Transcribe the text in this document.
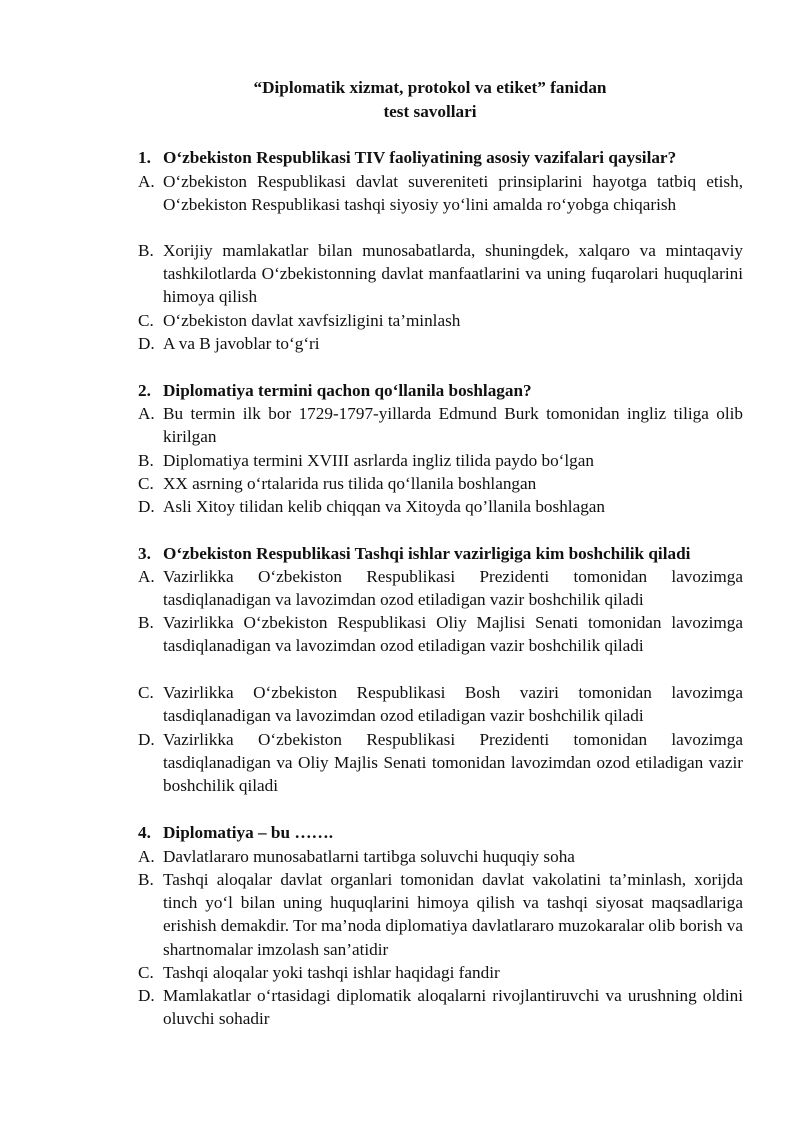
“Diplomatik xizmat, protokol va etiket” fanidan
test savollari
1. O‘zbekiston Respublikasi TIV faoliyatining asosiy vazifalari qaysilar?
A. O‘zbekiston Respublikasi davlat suvereniteti prinsiplarini hayotga tatbiq etish, O‘zbekiston Respublikasi tashqi siyosiy yo‘lini amalda ro‘yobga chiqarish
B. Xorijiy mamlakatlar bilan munosabatlarda, shuningdek, xalqaro va mintaqaviy tashkilotlarda O‘zbekistonning davlat manfaatlarini va uning fuqarolari huquqlarini himoya qilish
C. O‘zbekiston davlat xavfsizligini ta’minlash
D. A va B javoblar to‘g‘ri
2. Diplomatiya termini qachon qo‘llanila boshlagan?
A. Bu termin ilk bor 1729-1797-yillarda Edmund Burk tomonidan ingliz tiliga olib kirilgan
B. Diplomatiya termini XVIII asrlarda ingliz tilida paydo bo‘lgan
C. XX asrning o‘rtalarida rus tilida qo‘llanila boshlangan
D. Asli Xitoy tilidan kelib chiqqan va Xitoyda qo’llanila boshlagan
3. O‘zbekiston Respublikasi Tashqi ishlar vazirligiga kim boshchilik qiladi
A. Vazirlikka O‘zbekiston Respublikasi Prezidenti tomonidan lavozimga tasdiqlanadigan va lavozimdan ozod etiladigan vazir boshchilik qiladi
B. Vazirlikka O‘zbekiston Respublikasi Oliy Majlisi Senati tomonidan lavozimga tasdiqlanadigan va lavozimdan ozod etiladigan vazir boshchilik qiladi
C. Vazirlikka O‘zbekiston Respublikasi Bosh vaziri tomonidan lavozimga tasdiqlanadigan va lavozimdan ozod etiladigan vazir boshchilik qiladi
D. Vazirlikka O‘zbekiston Respublikasi Prezidenti tomonidan lavozimga tasdiqlanadigan va Oliy Majlis Senati tomonidan lavozimdan ozod etiladigan vazir boshchilik qiladi
4. Diplomatiya – bu …….
A. Davlatlararo munosabatlarni tartibga soluvchi huquqiy soha
B. Tashqi aloqalar davlat organlari tomonidan davlat vakolatini ta’minlash, xorijda tinch yo‘l bilan uning huquqlarini himoya qilish va tashqi siyosat maqsadlariga erishish demakdir. Tor ma’noda diplomatiya davlatlararo muzokaralar olib borish va shartnomalar imzolash san’atidir
C. Tashqi aloqalar yoki tashqi ishlar haqidagi fandir
D. Mamlakatlar o‘rtasidagi diplomatik aloqalarni rivojlantiruvchi va urushning oldini oluvchi sohadir
